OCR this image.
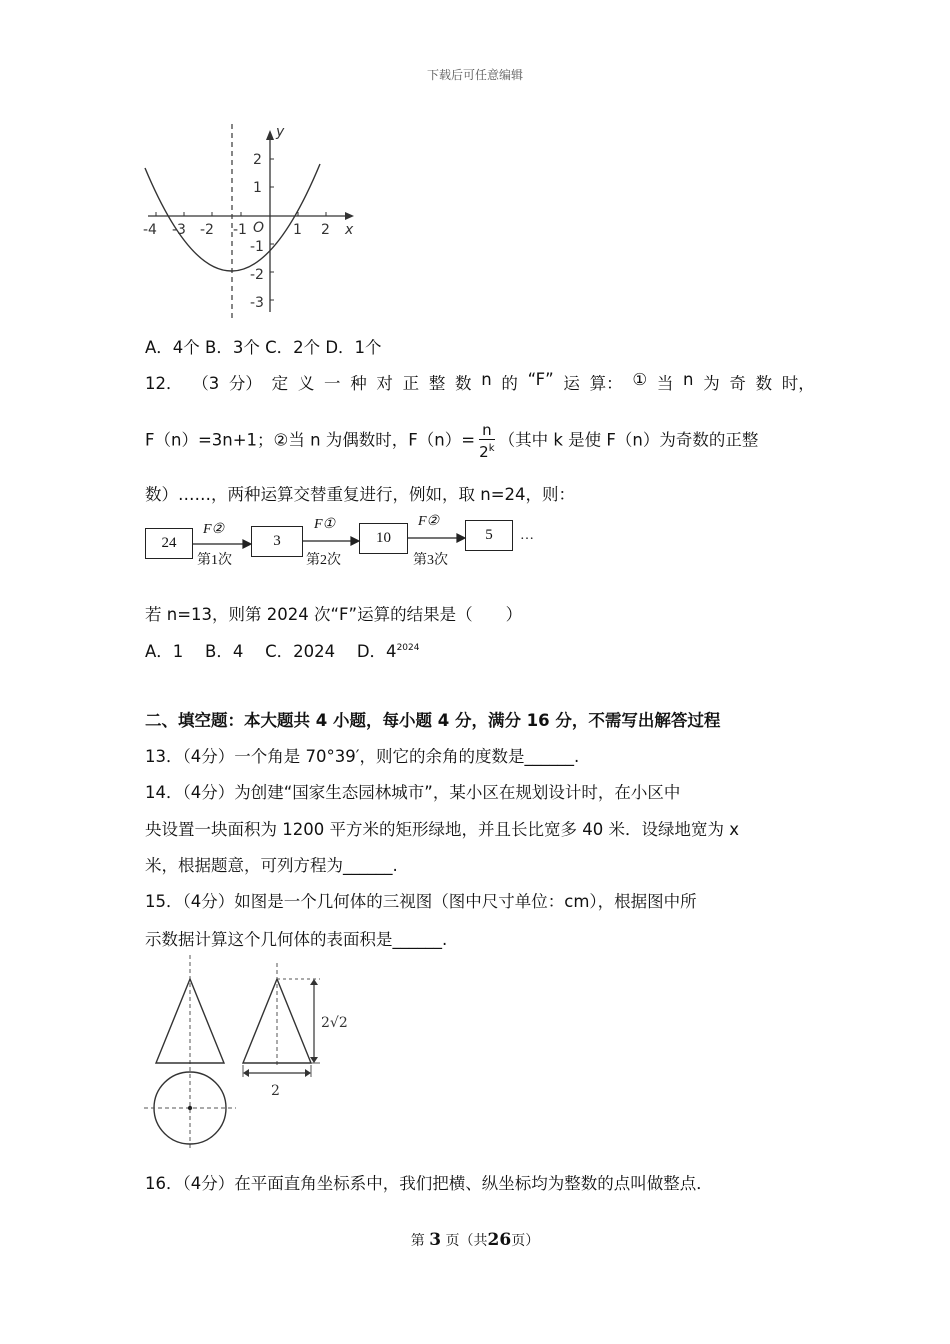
下载后可任意编辑
-4 -3 -2 -1	1 2
O	x
y
2
1
-1
-2
-3
A．4个 B．3个 C．2个 D．1个
12． （3 分） 定 义 一 种 对 正 整 数 n 的 “F” 运 算： ① 当 n 为 奇 数 时，
F（n）=3n+1；②当 n 为偶数时，$F(n)= \frac{n}{2^k}$ （其中 k 是使 F（n）为奇数的正整
数）……，两种运算交替重复进行，例如，取 n=24，则：
24	3	10	5	…
F②	F①	F②
第1次	第2次	第3次
若 n=13，则第 2024 次“F”运算的结果是（　　）
A．1　 B．4　 C．2024　 D．$4^{2024}$
二、填空题：本大题共 4 小题，每小题 4 分，满分 16 分，不需写出解答过程
13．（4分）一个角是 70°39′，则它的余角的度数是______.
14．（4分）为创建“国家生态园林城市”，某小区在规划设计时，在小区中
央设置一块面积为 1200 平方米的矩形绿地，并且长比宽多 40 米．设绿地宽为 x
米，根据题意，可列方程为______.
15．（4分）如图是一个几何体的三视图（图中尺寸单位：cm），根据图中所
示数据计算这个几何体的表面积是______.
2√2
2
16．（4分）在平面直角坐标系中，我们把横、纵坐标均为整数的点叫做整点．
第 3 页（共26页）
